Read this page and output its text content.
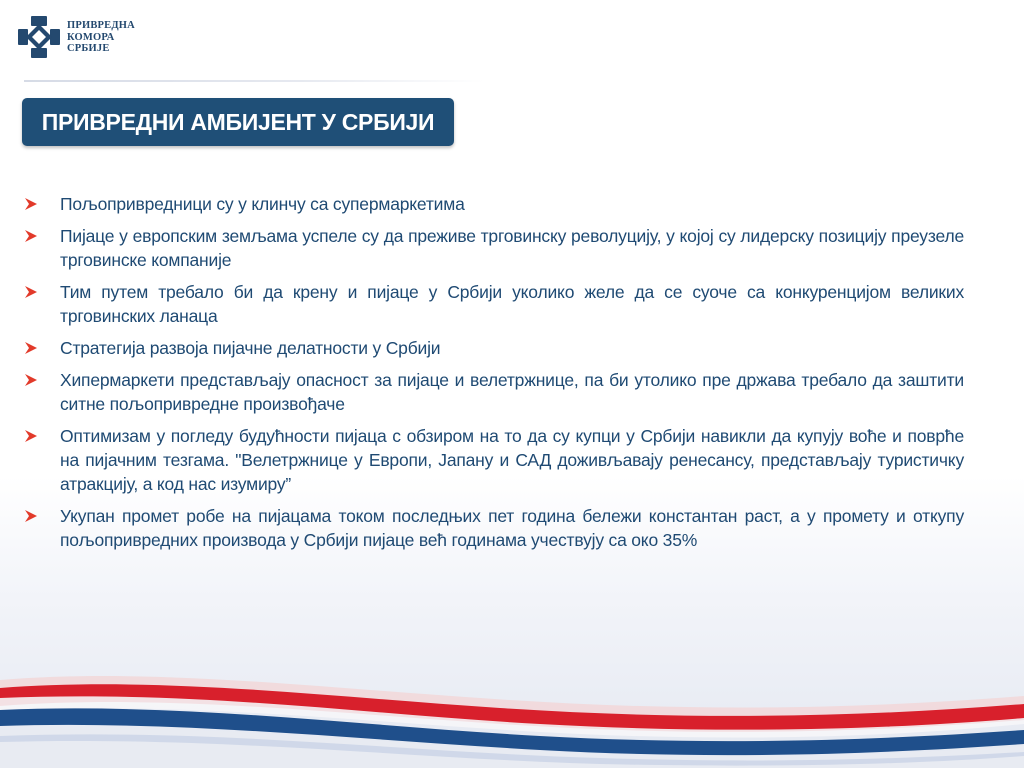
ПРИВРЕДНА
КОМОРА
СРБИЈЕ
ПРИВРЕДНИ АМБИЈЕНТ У СРБИЈИ
Пољопривредници су у клинчу са супермаркетима
Пијаце у европским земљама успеле су да преживе трговинску револуцију, у којој су лидерску позицију преузеле трговинске компаније
Тим путем требало би да крену и пијаце у Србији уколико желе да се суоче са конкуренцијом великих трговинских ланаца
Стратегија развоја пијачне делатности у Србији
Хипермаркети представљају опасност за пијаце и велетржнице, па би утолико пре држава требало да заштити ситне пољопривредне произвођаче
Оптимизам у погледу будућности пијаца с обзиром на то да су купци у Србији навикли да купују воће и поврће на пијачним тезгама. "Велетржнице у Европи, Јапану и САД доживљавају ренесансу, представљају туристичку атракцију, а код нас изумиру”
Укупан промет робе на пијацама током последњих пет година бележи константан раст, а у промету и откупу пољопривредних производа у Србији пијаце већ годинама учествују са око 35%
